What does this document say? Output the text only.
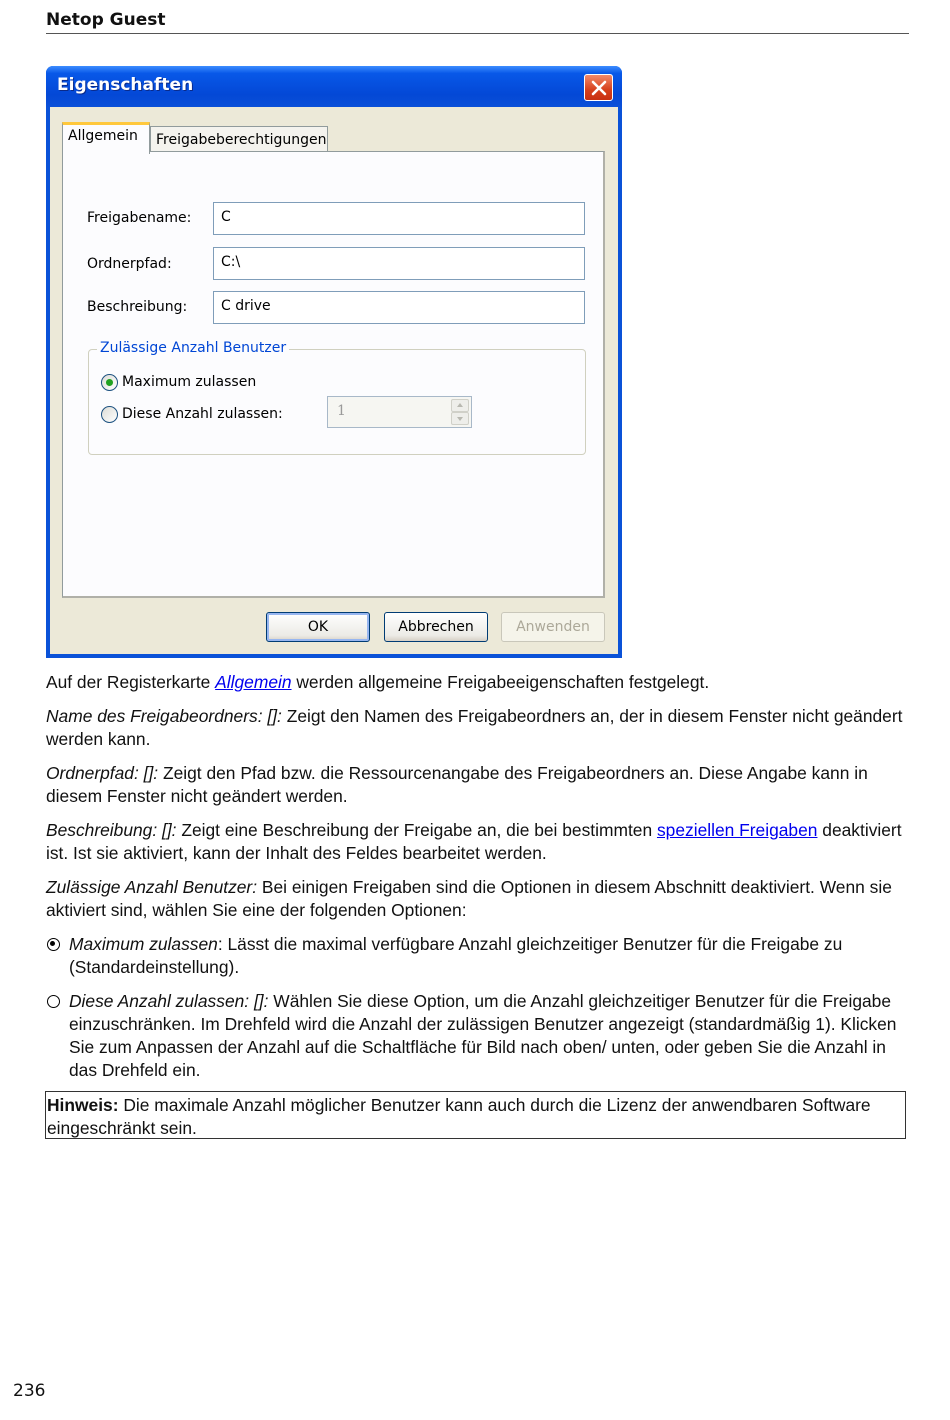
Netop Guest
Eigenschaften
Allgemein	Freigabeberechtigungen
Freigabename:	C
Ordnerpfad:	C:\
Beschreibung:	C drive
Zulässige Anzahl Benutzer
Maximum zulassen
Diese Anzahl zulassen:	1
OK	Abbrechen	Anwenden

Auf der Registerkarte Allgemein werden allgemeine Freigabeeigenschaften festgelegt.

Name des Freigabeordners: []: Zeigt den Namen des Freigabeordners an, der in diesem Fenster nicht geändert werden kann.

Ordnerpfad: []: Zeigt den Pfad bzw. die Ressourcenangabe des Freigabeordners an. Diese Angabe kann in diesem Fenster nicht geändert werden.

Beschreibung: []: Zeigt eine Beschreibung der Freigabe an, die bei bestimmten speziellen Freigaben deaktiviert ist. Ist sie aktiviert, kann der Inhalt des Feldes bearbeitet werden.

Zulässige Anzahl Benutzer: Bei einigen Freigaben sind die Optionen in diesem Abschnitt deaktiviert. Wenn sie aktiviert sind, wählen Sie eine der folgenden Optionen:

Maximum zulassen: Lässt die maximal verfügbare Anzahl gleichzeitiger Benutzer für die Freigabe zu (Standardeinstellung).

Diese Anzahl zulassen: []: Wählen Sie diese Option, um die Anzahl gleichzeitiger Benutzer für die Freigabe einzuschränken. Im Drehfeld wird die Anzahl der zulässigen Benutzer angezeigt (standardmäßig 1). Klicken Sie zum Anpassen der Anzahl auf die Schaltfläche für Bild nach oben/ unten, oder geben Sie die Anzahl in das Drehfeld ein.

Hinweis: Die maximale Anzahl möglicher Benutzer kann auch durch die Lizenz der anwendbaren Software eingeschränkt sein.
236
